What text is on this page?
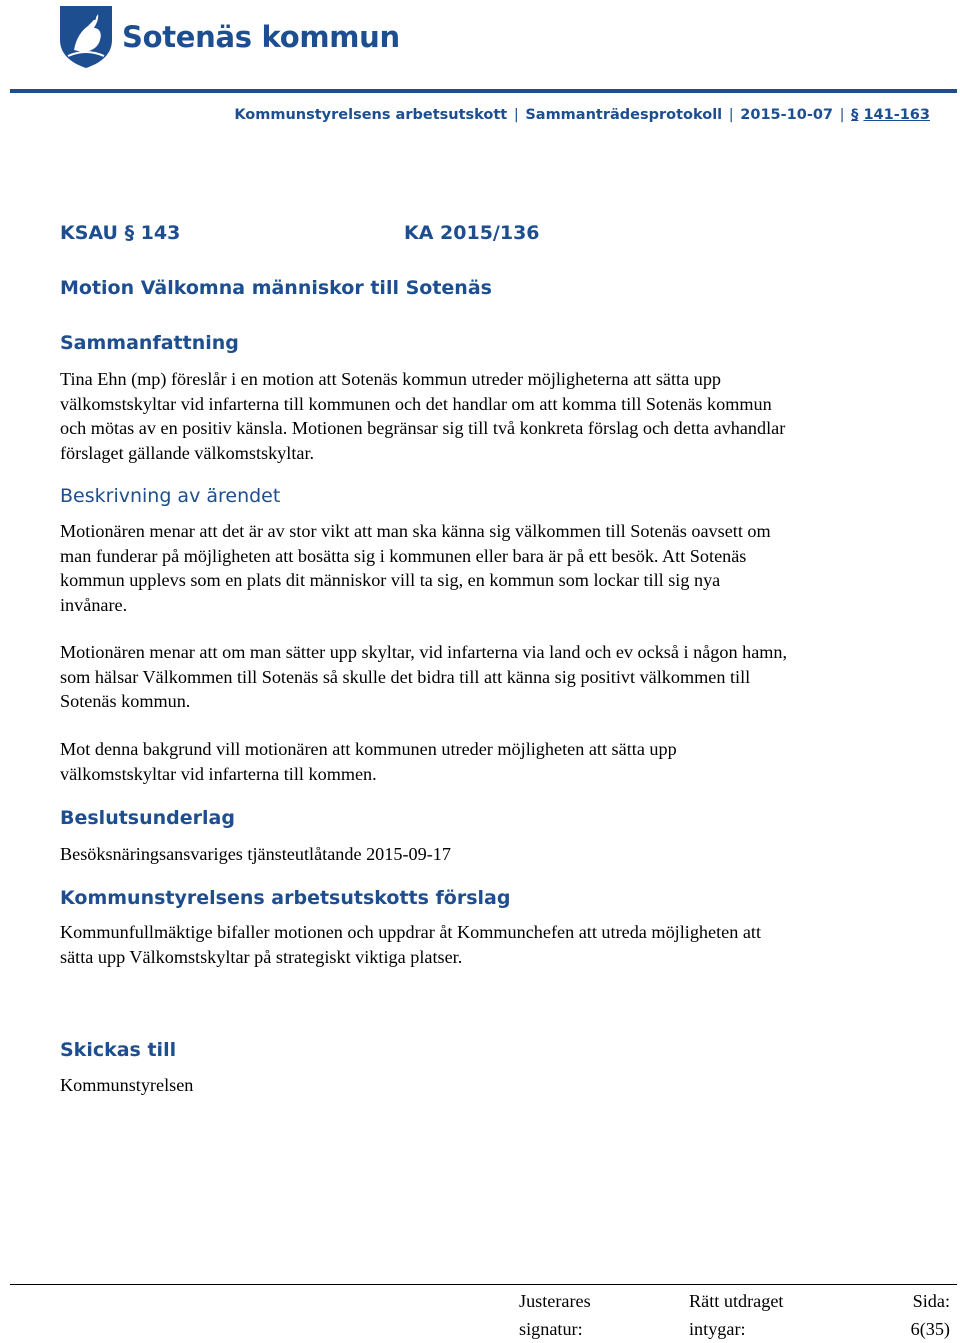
Sotenäs kommun
Kommunstyrelsens arbetsutskott | Sammanträdesprotokoll | 2015-10-07 | § 141-163
KSAU § 143	KA 2015/136
Motion Välkomna människor till Sotenäs
Sammanfattning

Tina Ehn (mp) föreslår i en motion att Sotenäs kommun utreder möjligheterna att sätta upp
välkomstskyltar vid infarterna till kommunen och det handlar om att komma till Sotenäs kommun
och mötas av en positiv känsla. Motionen begränsar sig till två konkreta förslag och detta avhandlar
förslaget gällande välkomstskyltar.

Beskrivning av ärendet

Motionären menar att det är av stor vikt att man ska känna sig välkommen till Sotenäs oavsett om
man funderar på möjligheten att bosätta sig i kommunen eller bara är på ett besök. Att Sotenäs
kommun upplevs som en plats dit människor vill ta sig, en kommun som lockar till sig nya
invånare.

Motionären menar att om man sätter upp skyltar, vid infarterna via land och ev också i någon hamn,
som hälsar Välkommen till Sotenäs så skulle det bidra till att känna sig positivt välkommen till
Sotenäs kommun.

Mot denna bakgrund vill motionären att kommunen utreder möjligheten att sätta upp
välkomstskyltar vid infarterna till kommen.

Beslutsunderlag

Besöksnäringsansvariges tjänsteutlåtande 2015-09-17

Kommunstyrelsens arbetsutskotts förslag

Kommunfullmäktige bifaller motionen och uppdrar åt Kommunchefen att utreda möjligheten att
sätta upp Välkomstskyltar på strategiskt viktiga platser.

Skickas till

Kommunstyrelsen

Justerares
signatur:
Rätt utdraget
intygar:
Sida:
6(35)
